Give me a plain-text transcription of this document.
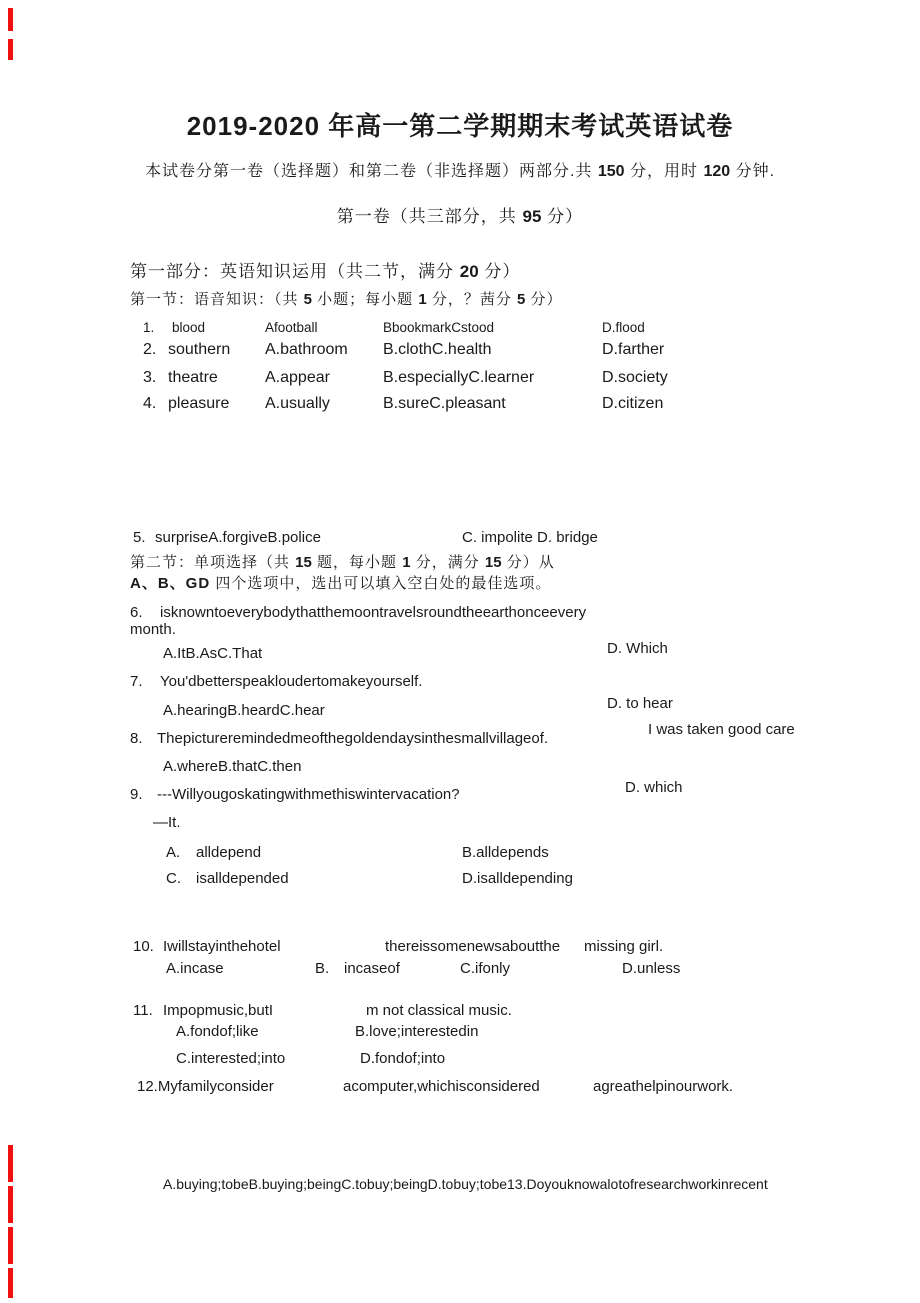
2019-2020 年高一第二学期期末考试英语试卷
本试卷分第一卷（选择题）和第二卷（非选择题）两部分.共 150 分，用时 120 分钟.
第一卷（共三部分，共 95 分）
第一部分：英语知识运用（共二节，满分 20 分）
第一节：语音知识：（共 5 小题；每小题 1 分，？茜分 5 分）
1. blood	Afootball	BbookmarkCstood	D.flood
2. southern A.bathroom B.clothC.health	D.farther
3. theatre	A.appear	B.especiallyC.learner	D.society
4. pleasure A.usually	B.sureC.pleasant	D.citizen
5. surpriseA.forgiveB.police	C. impolite D. bridge
第二节：单项选择（共 15 题，每小题 1 分，满分 15 分）从
A、B、GD 四个选项中，选出可以填入空白处的最佳选项。
6. isknowntoeverybodythatthemoontravelsroundtheearthonceevery
month.
A.ItB.AsC.That	D. Which
7. You'dbetterspeakloudertomakeyourself.
A.hearingB.heardC.hear	D. to hear
I was taken good care
8. Thepictureremindedmeofthegoldendaysinthesmallvillageof.
A.whereB.thatC.then
D. which
9. ---Willyougoskatingwithmethiswintervacation?
—It.
A. alldepend	B.alldepends
C. isalldepended	D.isalldepending
10. Iwillstayinthehotel	thereissomenewsaboutthe missing girl.
A.incase	B. incaseof	C.ifonly	D.unless
11. Impopmusic,butI	m not classical music.
A.fondof;like	B.love;interestedin
C.interested;into	D.fondof;into
12.Myfamilyconsider	acomputer,whichisconsidered	agreathelpinourwork.
A.buying;tobeB.buying;beingC.tobuy;beingD.tobuy;tobe13.Doyouknowalotofresearchworkinrecent
